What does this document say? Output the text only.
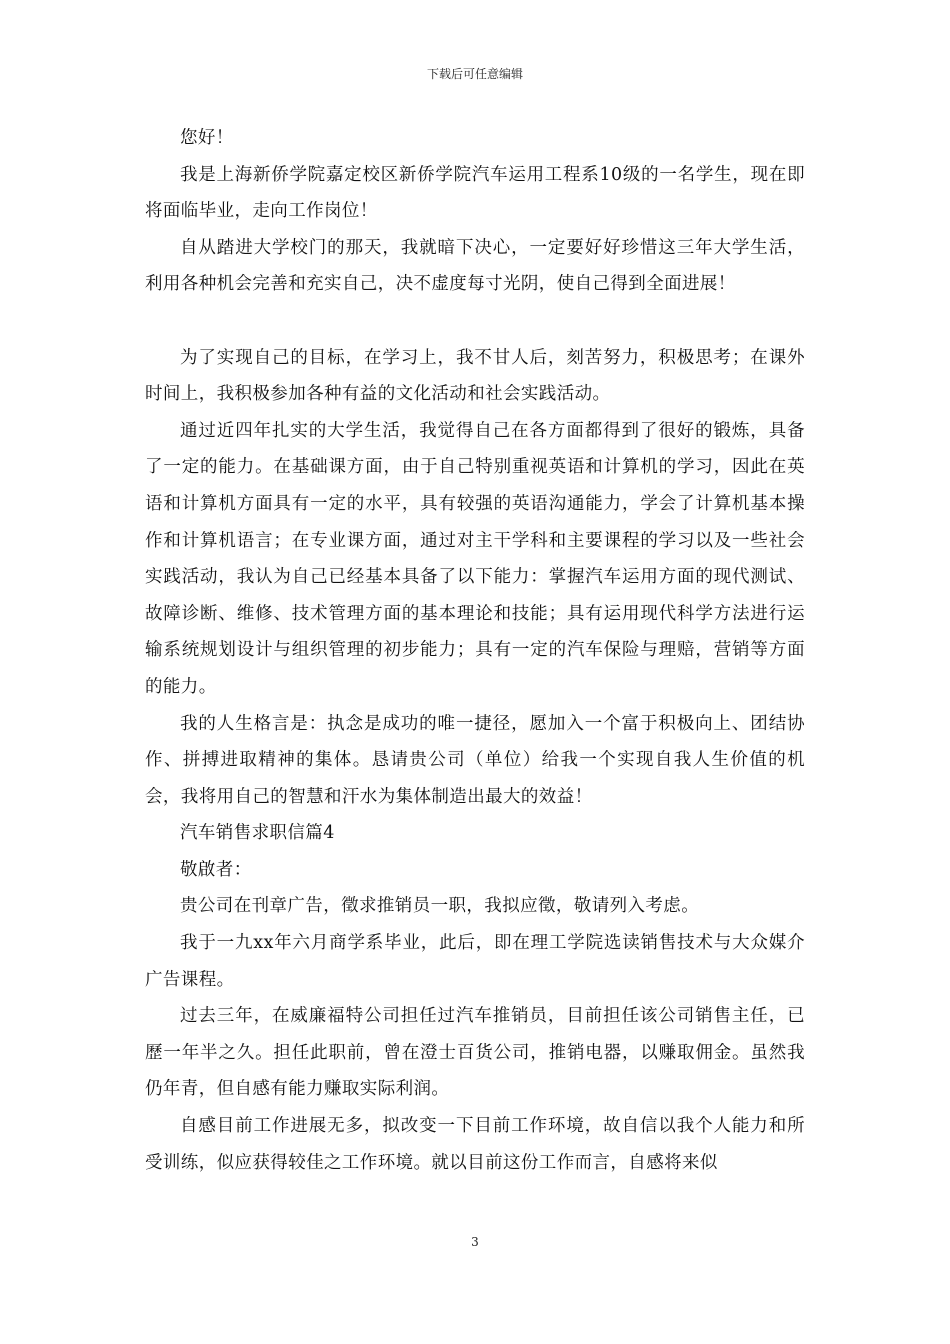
下载后可任意编辑

您好！

我是上海新侨学院嘉定校区新侨学院汽车运用工程系10级的一名学生，现在即将面临毕业，走向工作岗位！

自从踏进大学校门的那天，我就暗下决心，一定要好好珍惜这三年大学生活，利用各种机会完善和充实自己，决不虚度每寸光阴，使自己得到全面进展！

为了实现自己的目标，在学习上，我不甘人后，刻苦努力，积极思考；在课外时间上，我积极参加各种有益的文化活动和社会实践活动。

通过近四年扎实的大学生活，我觉得自己在各方面都得到了很好的锻炼，具备了一定的能力。在基础课方面，由于自己特别重视英语和计算机的学习，因此在英语和计算机方面具有一定的水平，具有较强的英语沟通能力，学会了计算机基本操作和计算机语言；在专业课方面，通过对主干学科和主要课程的学习以及一些社会实践活动，我认为自己已经基本具备了以下能力：掌握汽车运用方面的现代测试、故障诊断、维修、技术管理方面的基本理论和技能；具有运用现代科学方法进行运输系统规划设计与组织管理的初步能力；具有一定的汽车保险与理赔，营销等方面的能力。

我的人生格言是：执念是成功的唯一捷径，愿加入一个富于积极向上、团结协作、拼搏进取精神的集体。恳请贵公司（单位）给我一个实现自我人生价值的机会，我将用自己的智慧和汗水为集体制造出最大的效益！

汽车销售求职信篇4

敬啟者：

贵公司在刊章广告，徵求推销员一职，我拟应徵，敬请列入考虑。

我于一九xx年六月商学系毕业，此后，即在理工学院选读销售技术与大众媒介广告课程。

过去三年，在威廉福特公司担任过汽车推销员，目前担任该公司销售主任，已歷一年半之久。担任此职前，曾在澄士百货公司，推销电器，以赚取佣金。虽然我仍年青，但自感有能力赚取实际利润。

自感目前工作进展无多，拟改变一下目前工作环境，故自信以我个人能力和所受训练，似应获得较佳之工作环境。就以目前这份工作而言，自感将来似

3
